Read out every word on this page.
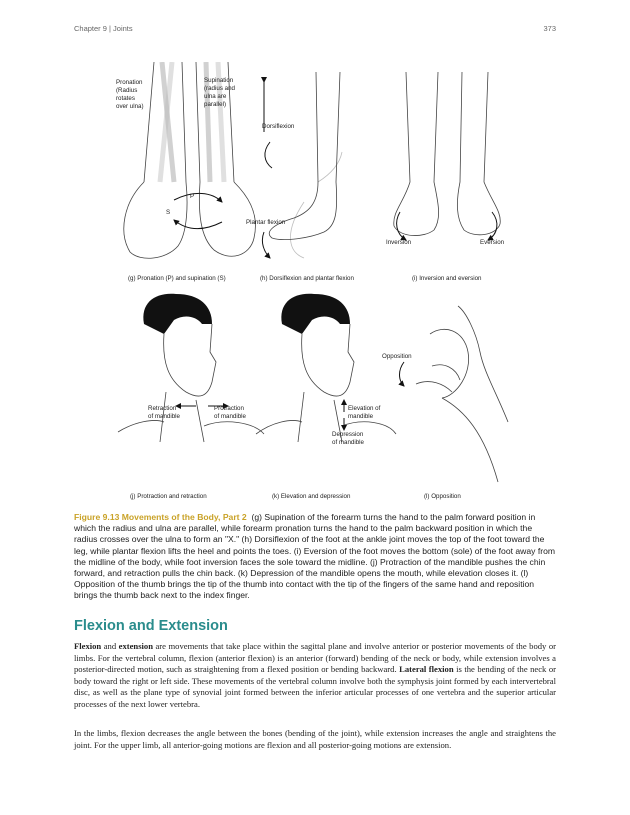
Chapter 9 | Joints	373
Pronation
(Radius
rotates
over ulna)
Supination
(radius and
ulna are
parallel)
P
S
(g) Pronation (P) and supination (S)
Dorsiflexion
Plantar flexion
(h) Dorsiflexion and plantar flexion
Inversion	Eversion
(i) Inversion and eversion
Retraction
of mandible
Protraction
of mandible
(j) Protraction and retraction
Elevation of
mandible
Depression
of mandible
(k) Elevation and depression
Opposition
(l) Opposition

Figure 9.13 Movements of the Body, Part 2 (g) Supination of the forearm turns the hand to the palm forward position in which the radius and ulna are parallel, while forearm pronation turns the hand to the palm backward position in which the radius crosses over the ulna to form an "X." (h) Dorsiflexion of the foot at the ankle joint moves the top of the foot toward the leg, while plantar flexion lifts the heel and points the toes. (i) Eversion of the foot moves the bottom (sole) of the foot away from the midline of the body, while foot inversion faces the sole toward the midline. (j) Protraction of the mandible pushes the chin forward, and retraction pulls the chin back. (k) Depression of the mandible opens the mouth, while elevation closes it. (l) Opposition of the thumb brings the tip of the thumb into contact with the tip of the fingers of the same hand and reposition brings the thumb back next to the index finger.

Flexion and Extension

Flexion and extension are movements that take place within the sagittal plane and involve anterior or posterior movements of the body or limbs. For the vertebral column, flexion (anterior flexion) is an anterior (forward) bending of the neck or body, while extension involves a posterior-directed motion, such as straightening from a flexed position or bending backward. Lateral flexion is the bending of the neck or body toward the right or left side. These movements of the vertebral column involve both the symphysis joint formed by each intervertebral disc, as well as the plane type of synovial joint formed between the inferior articular processes of one vertebra and the superior articular processes of the next lower vertebra.

In the limbs, flexion decreases the angle between the bones (bending of the joint), while extension increases the angle and straightens the joint. For the upper limb, all anterior-going motions are flexion and all posterior-going motions are extension.
